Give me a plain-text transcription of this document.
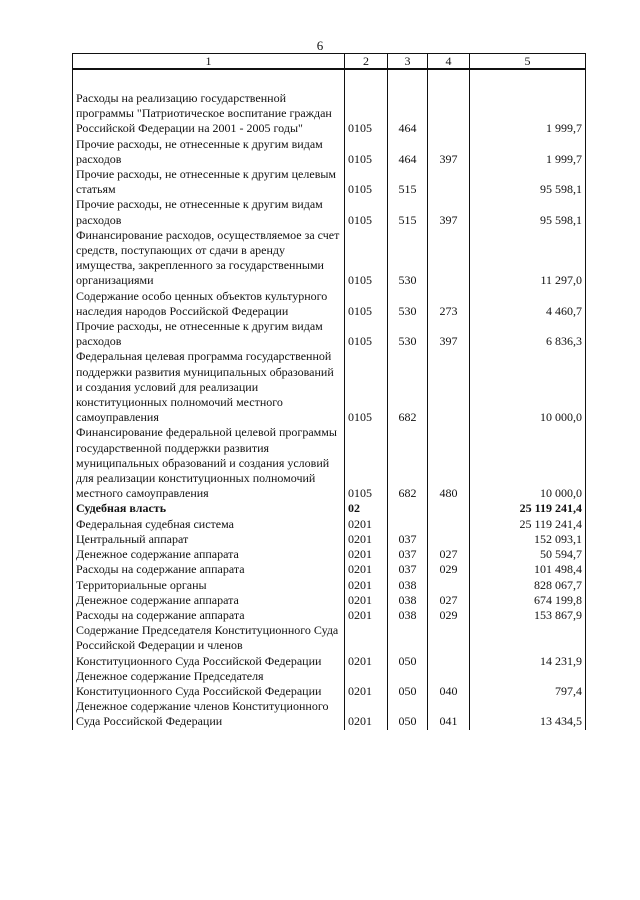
6
1	2	3	4	5

Расходы на реализацию государственной программы "Патриотическое воспитание граждан Российской Федерации на 2001 - 2005 годы"	0105	464		1 999,7
Прочие расходы, не отнесенные к другим видам расходов	0105	464	397	1 999,7
Прочие расходы, не отнесенные к другим целевым статьям	0105	515		95 598,1
Прочие расходы, не отнесенные к другим видам расходов	0105	515	397	95 598,1
Финансирование расходов, осуществляемое за счет средств, поступающих от сдачи в аренду имущества, закрепленного за государственными организациями	0105	530		11 297,0
Содержание особо ценных объектов культурного наследия народов Российской Федерации	0105	530	273	4 460,7
Прочие расходы, не отнесенные к другим видам расходов	0105	530	397	6 836,3
Федеральная целевая программа государственной поддержки развития муниципальных образований и создания условий для реализации конституционных полномочий местного самоуправления	0105	682		10 000,0
Финансирование федеральной целевой программы государственной поддержки развития муниципальных образований и создания условий для реализации конституционных полномочий местного самоуправления	0105	682	480	10 000,0
Судебная власть	02			25 119 241,4
Федеральная судебная система	0201			25 119 241,4
Центральный аппарат	0201	037		152 093,1
Денежное содержание аппарата	0201	037	027	50 594,7
Расходы на содержание аппарата	0201	037	029	101 498,4
Территориальные органы	0201	038		828 067,7
Денежное содержание аппарата	0201	038	027	674 199,8
Расходы на содержание аппарата	0201	038	029	153 867,9
Содержание Председателя Конституционного Суда Российской Федерации и членов Конституционного Суда Российской Федерации	0201	050		14 231,9
Денежное содержание Председателя Конституционного Суда Российской Федерации	0201	050	040	797,4
Денежное содержание членов Конституционного Суда Российской Федерации	0201	050	041	13 434,5
